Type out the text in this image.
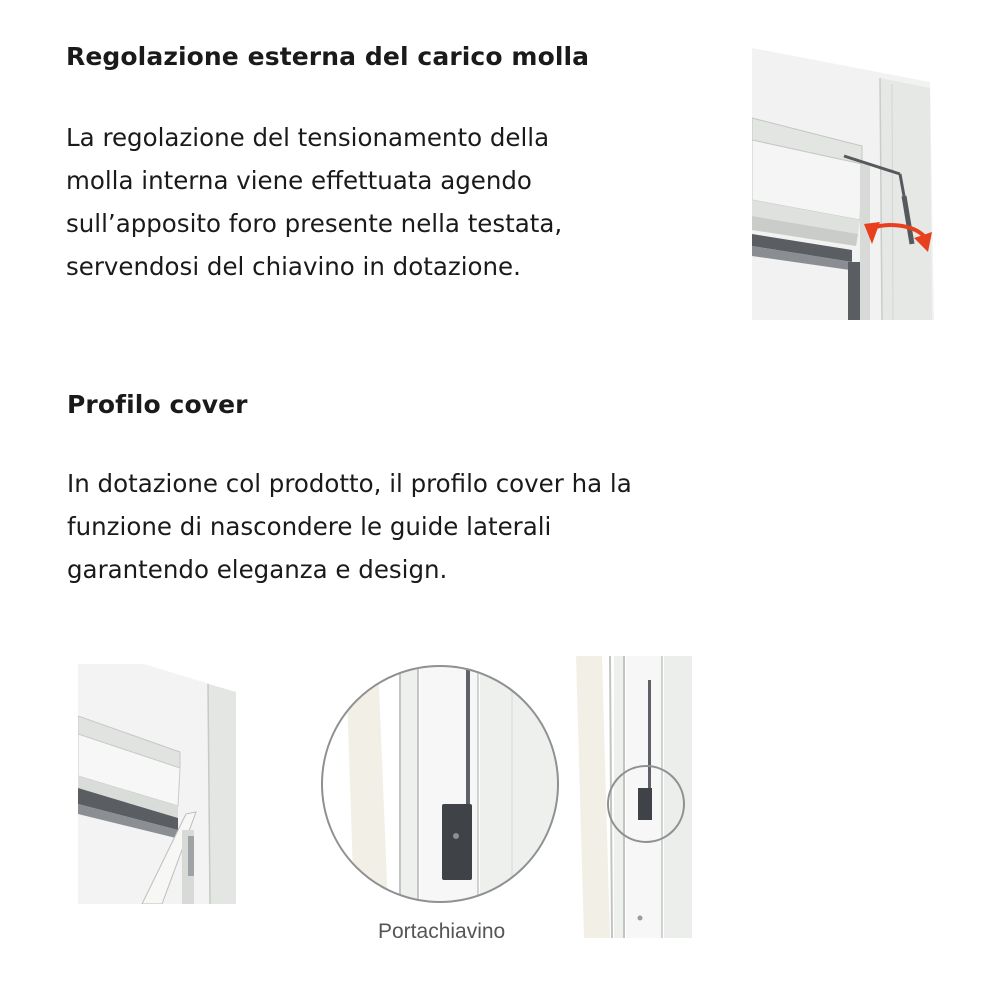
Regolazione esterna del carico molla

La regolazione del tensionamento della
molla interna viene effettuata agendo
sull’apposito foro presente nella testata,
servendosi del chiavino in dotazione.

Profilo cover

In dotazione col prodotto, il profilo cover ha la
funzione di nascondere le guide laterali
garantendo eleganza e design.

Portachiavino
